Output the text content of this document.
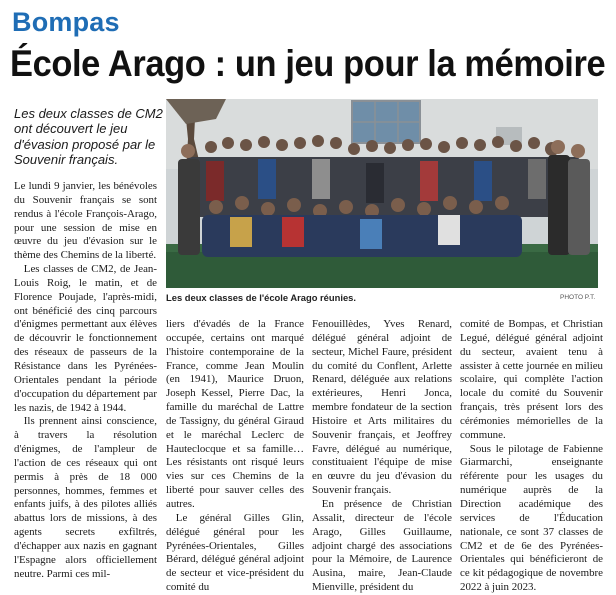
Bompas
École Arago : un jeu pour la mémoire
Les deux classes de CM2 ont découvert le jeu d'évasion proposé par le Souvenir français.
Les deux classes de l'école Arago réunies.	PHOTO P.T.

Le lundi 9 janvier, les bénévoles du Souvenir français se sont rendus à l'école François-Arago, pour une session de mise en œuvre du jeu d'évasion sur le thème des Chemins de la liberté.

Les classes de CM2, de Jean-Louis Roig, le matin, et de Florence Poujade, l'après-midi, ont bénéficié des cinq parcours d'énigmes permettant aux élèves de découvrir le fonctionnement des réseaux de passeurs de la Résistance dans les Pyrénées-Orientales pendant la période d'occupation du département par les nazis, de 1942 à 1944.

Ils prennent ainsi conscience, à travers la résolution d'énigmes, de l'ampleur de l'action de ces réseaux qui ont permis à près de 18 000 personnes, hommes, femmes et enfants juifs, à des pilotes alliés abattus lors de missions, à des agents secrets exfiltrés, d'échapper aux nazis en gagnant l'Espagne alors officiellement neutre. Parmi ces mil-

liers d'évadés de la France occupée, certains ont marqué l'histoire contemporaine de la France, comme Jean Moulin (en 1941), Maurice Druon, Joseph Kessel, Pierre Dac, la famille du maréchal de Lattre de Tassigny, du général Giraud et le maréchal Leclerc de Hauteclocque et sa famille… Les résistants ont risqué leurs vies sur ces Chemins de la liberté pour sauver celles des autres.

Le général Gilles Glin, délégué général pour les Pyrénées-Orientales, Gilles Bérard, délégué général adjoint de secteur et vice-président du comité du

Fenouillèdes, Yves Renard, délégué général adjoint de secteur, Michel Faure, président du comité du Conflent, Arlette Renard, déléguée aux relations extérieures, Henri Jonca, membre fondateur de la section Histoire et Arts militaires du Souvenir français, et Jeoffrey Favre, délégué au numérique, constituaient l'équipe de mise en œuvre du jeu d'évasion du Souvenir français.

En présence de Christian Assalit, directeur de l'école Arago, Gilles Guillaume, adjoint chargé des associations pour la Mémoire, de Laurence Ausina, maire, Jean-Claude Mienville, président du

comité de Bompas, et Christian Legué, délégué général adjoint du secteur, avaient tenu à assister à cette journée en milieu scolaire, qui complète l'action locale du comité du Souvenir français, très présent lors des cérémonies mémorielles de la commune.

Sous le pilotage de Fabienne Giarmarchi, enseignante référente pour les usages du numérique auprès de la Direction académique des services de l'Éducation nationale, ce sont 37 classes de CM2 et de 6e des Pyrénées-Orientales qui bénéficieront de ce kit pédagogique de novembre 2022 à juin 2023.
